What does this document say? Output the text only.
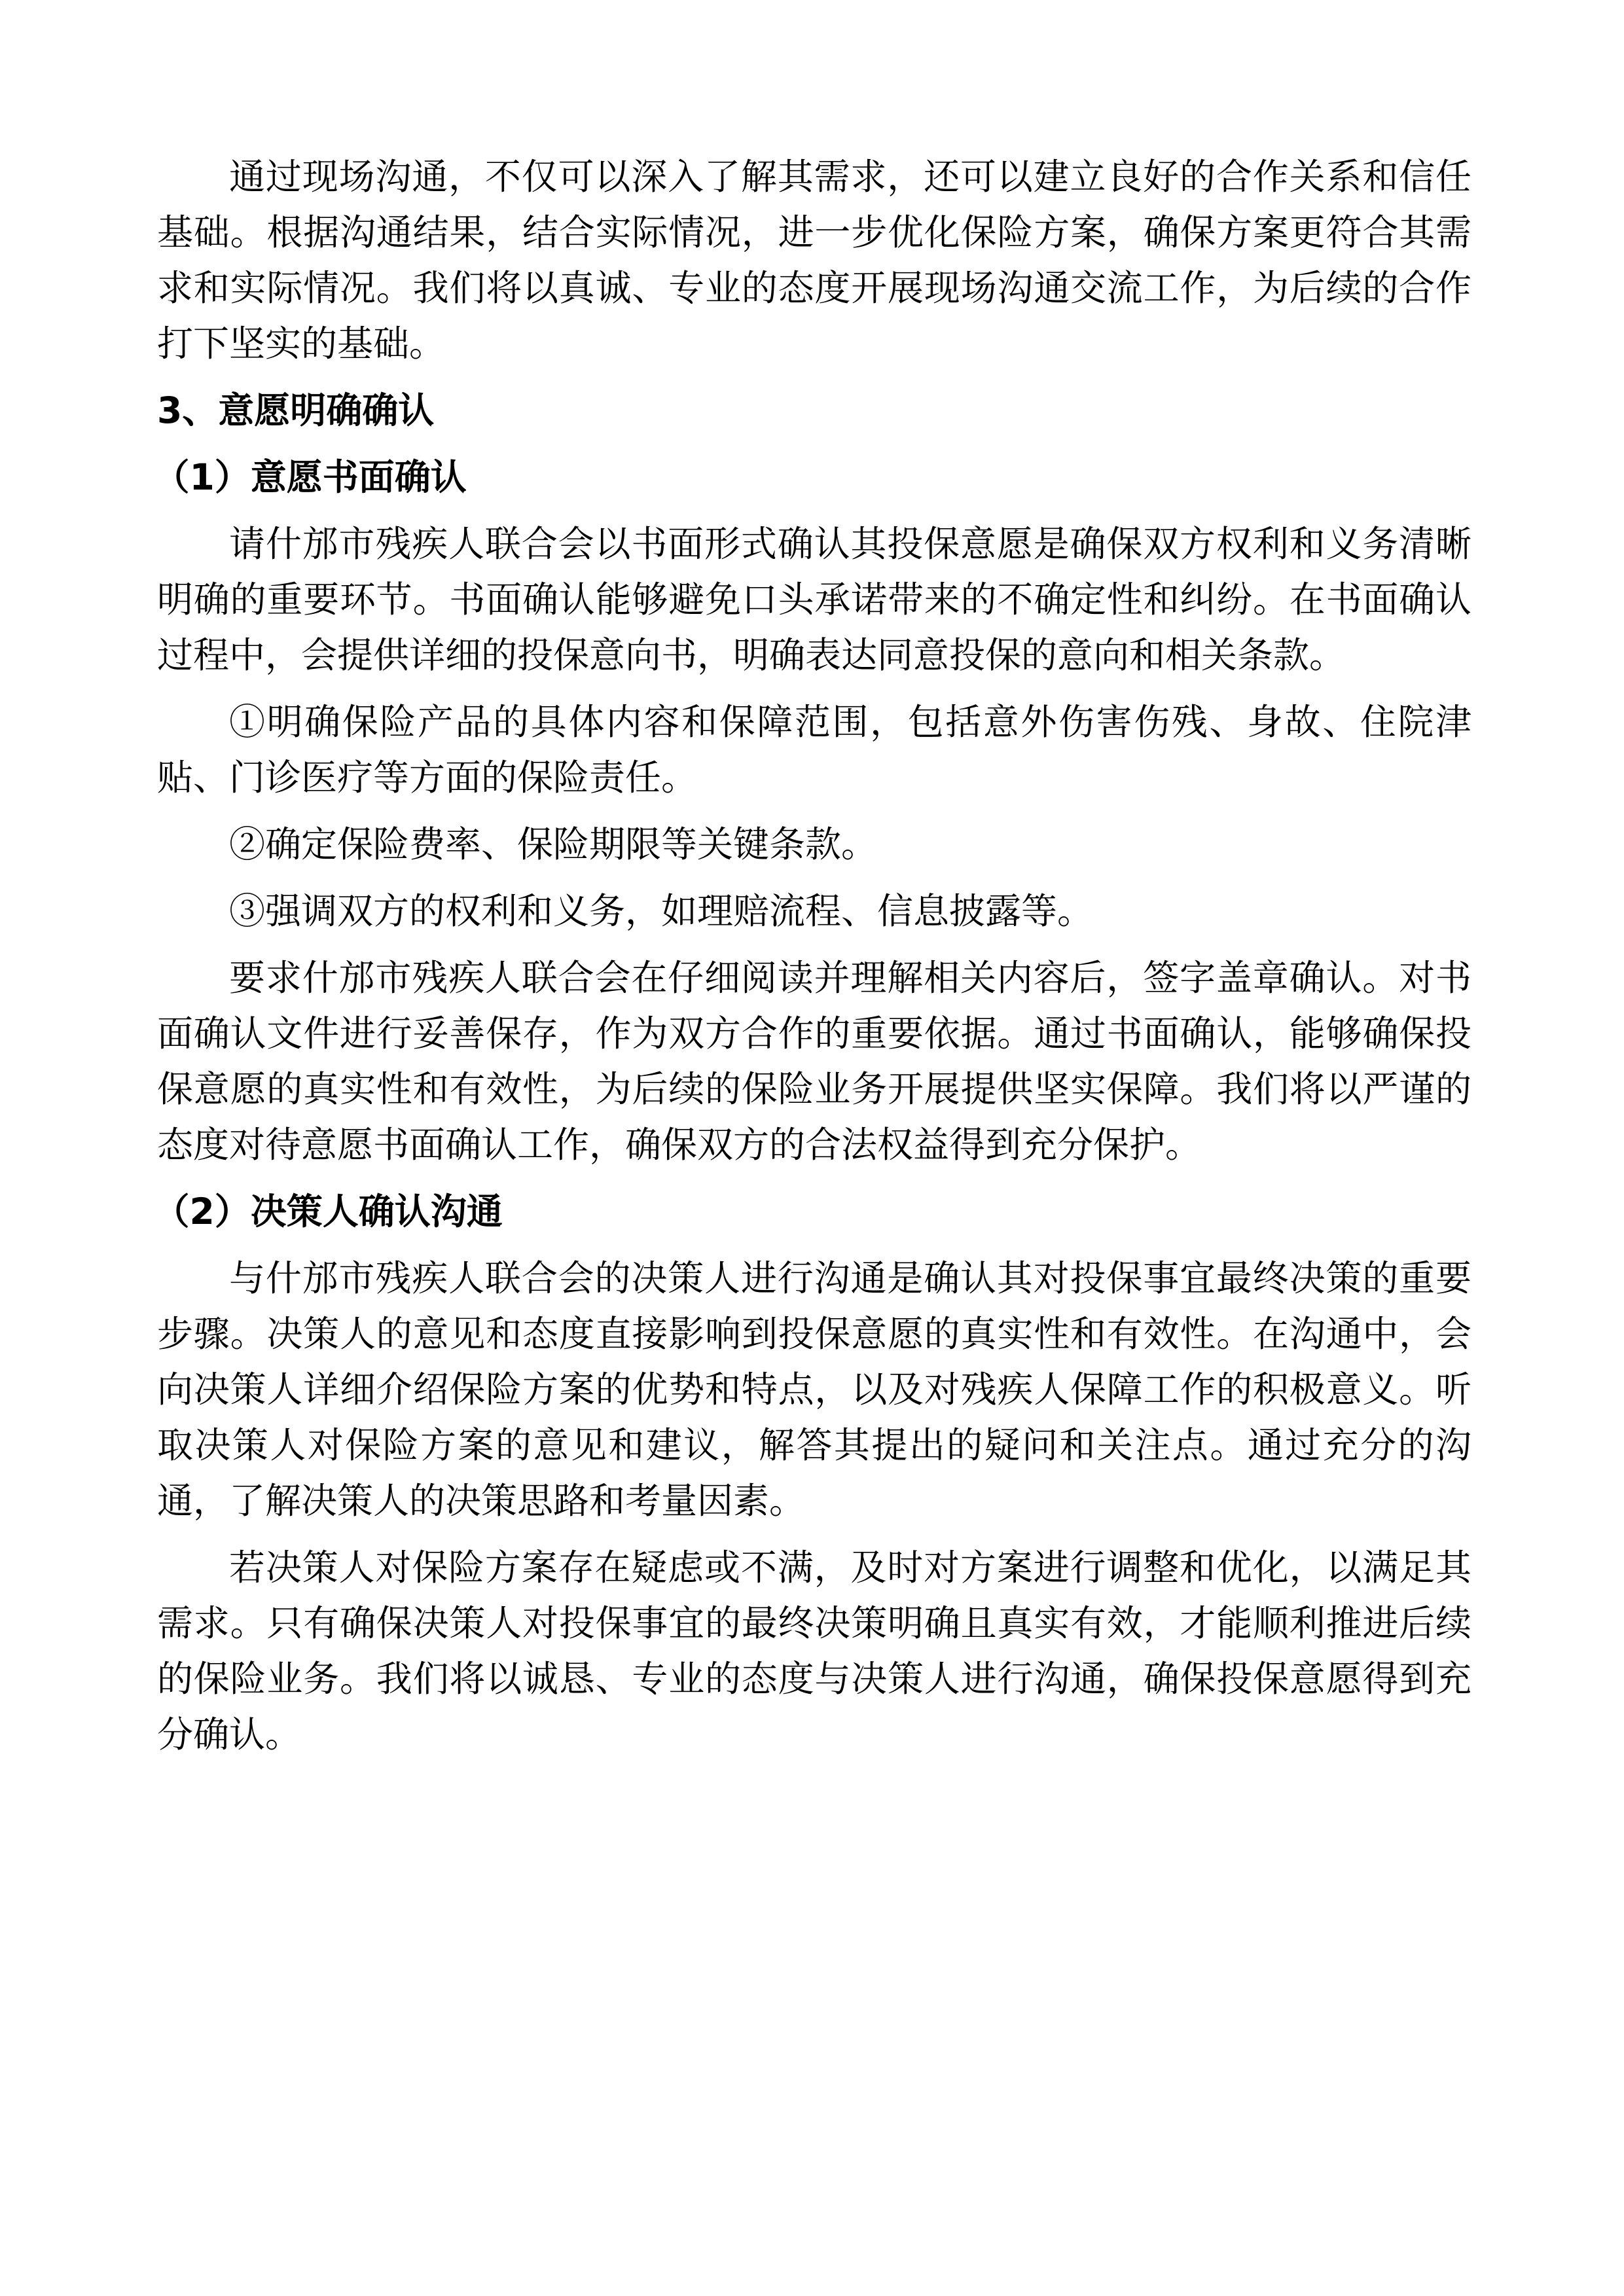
通过现场沟通，不仅可以深入了解其需求，还可以建立良好的合作关系和信任基础。根据沟通结果，结合实际情况，进一步优化保险方案，确保方案更符合其需求和实际情况。我们将以真诚、专业的态度开展现场沟通交流工作，为后续的合作打下坚实的基础。

3、意愿明确确认
（1）意愿书面确认

请什邡市残疾人联合会以书面形式确认其投保意愿是确保双方权利和义务清晰明确的重要环节。书面确认能够避免口头承诺带来的不确定性和纠纷。在书面确认过程中，会提供详细的投保意向书，明确表达同意投保的意向和相关条款。

①明确保险产品的具体内容和保障范围，包括意外伤害伤残、身故、住院津贴、门诊医疗等方面的保险责任。

②确定保险费率、保险期限等关键条款。

③强调双方的权利和义务，如理赔流程、信息披露等。

要求什邡市残疾人联合会在仔细阅读并理解相关内容后，签字盖章确认。对书面确认文件进行妥善保存，作为双方合作的重要依据。通过书面确认，能够确保投保意愿的真实性和有效性，为后续的保险业务开展提供坚实保障。我们将以严谨的态度对待意愿书面确认工作，确保双方的合法权益得到充分保护。

（2）决策人确认沟通

与什邡市残疾人联合会的决策人进行沟通是确认其对投保事宜最终决策的重要步骤。决策人的意见和态度直接影响到投保意愿的真实性和有效性。在沟通中，会向决策人详细介绍保险方案的优势和特点，以及对残疾人保障工作的积极意义。听取决策人对保险方案的意见和建议，解答其提出的疑问和关注点。通过充分的沟通，了解决策人的决策思路和考量因素。

若决策人对保险方案存在疑虑或不满，及时对方案进行调整和优化，以满足其需求。只有确保决策人对投保事宜的最终决策明确且真实有效，才能顺利推进后续的保险业务。我们将以诚恳、专业的态度与决策人进行沟通，确保投保意愿得到充分确认。
